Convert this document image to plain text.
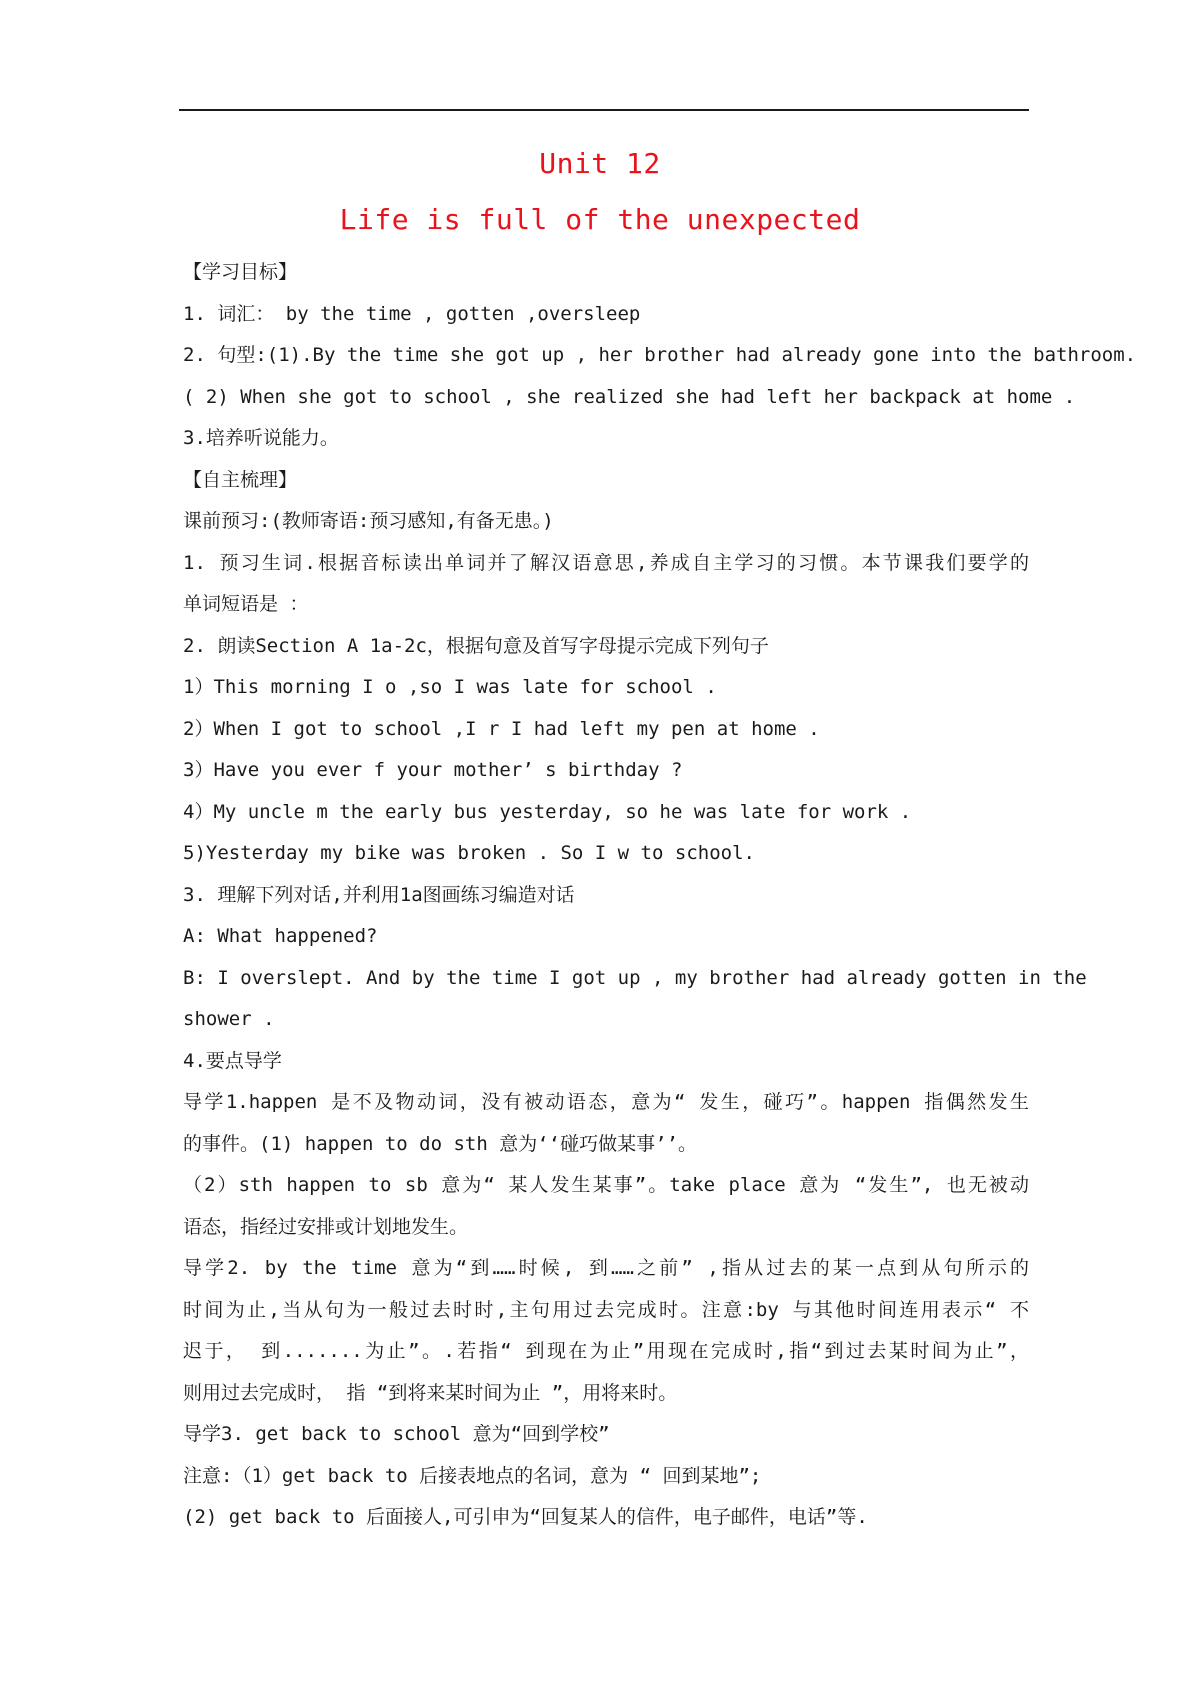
Unit 12
Life is full of the unexpected
【学习目标】
1. 词汇： by the time , gotten ,oversleep
2. 句型:(1).By the time she got up , her brother had already gone into the bathroom.
( 2) When she got to school , she realized she had left her backpack at home .
3.培养听说能力。
【自主梳理】
课前预习:(教师寄语:预习感知,有备无患。)
1. 预习生词.根据音标读出单词并了解汉语意思,养成自主学习的习惯。本节课我们要学的
单词短语是 ：
2. 朗读Section A 1a-2c，根据句意及首写字母提示完成下列句子
1）This morning I o ,so I was late for school .
2）When I got to school ,I r I had left my pen at home .
3）Have you ever f your mother’ s birthday ?
4）My uncle m the early bus yesterday, so he was late for work .
5)Yesterday my bike was broken . So I w to school.
3. 理解下列对话,并利用1a图画练习编造对话
A: What happened?
B: I overslept. And by the time I got up , my brother had already gotten in the
shower .
4.要点导学
导学1.happen 是不及物动词，没有被动语态，意为“ 发生，碰巧”。happen 指偶然发生
的事件。(1) happen to do sth 意为‘‘碰巧做某事’’。
（2）sth happen to sb 意为“ 某人发生某事”。take place 意为 “发生”, 也无被动
语态，指经过安排或计划地发生。
导学2. by the time 意为“到……时候, 到……之前” ,指从过去的某一点到从句所示的
时间为止,当从句为一般过去时时,主句用过去完成时。注意:by 与其他时间连用表示“ 不
迟于， 到.......为止”。.若指“ 到现在为止”用现在完成时,指“到过去某时间为止”，
则用过去完成时， 指 “到将来某时间为止 ”，用将来时。
导学3. get back to school 意为“回到学校”
注意:（1）get back to 后接表地点的名词，意为 “ 回到某地”;
(2) get back to 后面接人,可引申为“回复某人的信件，电子邮件，电话”等.
